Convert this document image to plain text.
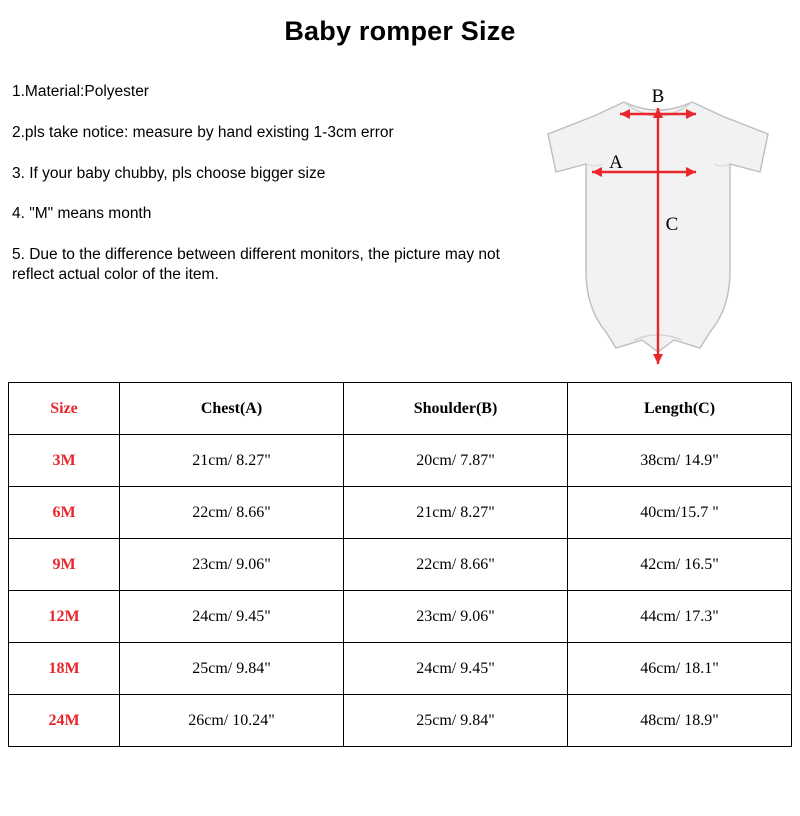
Baby romper Size
1.Material:Polyester
2.pls take notice: measure by hand existing 1-3cm error
3. If your baby chubby, pls choose bigger size
4. "M" means month
5. Due to the difference between different monitors, the picture may not reflect actual color of the item.
B
A
C
Size	Chest(A)	Shoulder(B)	Length(C)
3M	21cm/ 8.27"	20cm/ 7.87"	38cm/ 14.9"
6M	22cm/ 8.66"	21cm/ 8.27"	40cm/15.7 "
9M	23cm/ 9.06"	22cm/ 8.66"	42cm/ 16.5"
12M	24cm/ 9.45"	23cm/ 9.06"	44cm/ 17.3"
18M	25cm/ 9.84"	24cm/ 9.45"	46cm/ 18.1"
24M	26cm/ 10.24"	25cm/ 9.84"	48cm/ 18.9"
